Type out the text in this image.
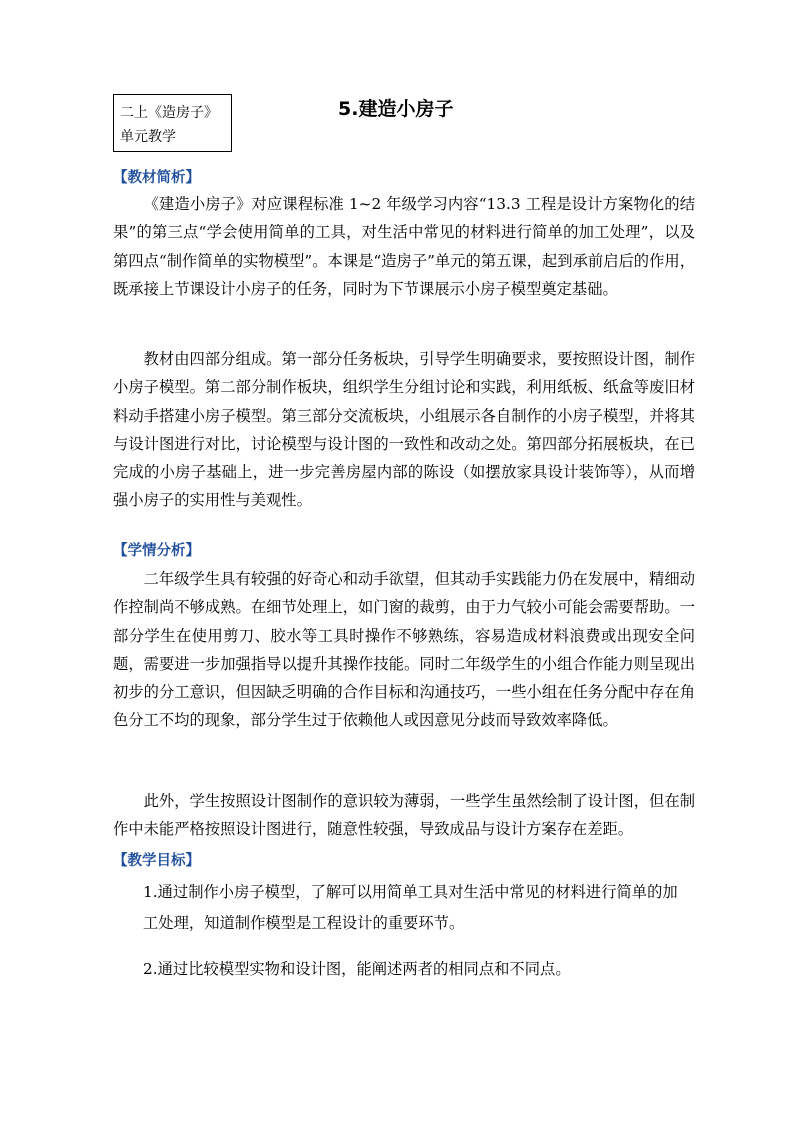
二上《造房子》单元教学
5.建造小房子
【教材简析】

《建造小房子》对应课程标准 1~2 年级学习内容“13.3 工程是设计方案物化的结果”的第三点“学会使用简单的工具，对生活中常见的材料进行简单的加工处理”，以及第四点“制作简单的实物模型”。本课是“造房子”单元的第五课，起到承前启后的作用，既承接上节课设计小房子的任务，同时为下节课展示小房子模型奠定基础。

教材由四部分组成。第一部分任务板块，引导学生明确要求，要按照设计图，制作小房子模型。第二部分制作板块，组织学生分组讨论和实践，利用纸板、纸盒等废旧材料动手搭建小房子模型。第三部分交流板块，小组展示各自制作的小房子模型，并将其与设计图进行对比，讨论模型与设计图的一致性和改动之处。第四部分拓展板块，在已完成的小房子基础上，进一步完善房屋内部的陈设（如摆放家具设计装饰等），从而增强小房子的实用性与美观性。

【学情分析】

二年级学生具有较强的好奇心和动手欲望，但其动手实践能力仍在发展中，精细动作控制尚不够成熟。在细节处理上，如门窗的裁剪，由于力气较小可能会需要帮助。一部分学生在使用剪刀、胶水等工具时操作不够熟练，容易造成材料浪费或出现安全问题，需要进一步加强指导以提升其操作技能。同时二年级学生的小组合作能力则呈现出初步的分工意识，但因缺乏明确的合作目标和沟通技巧，一些小组在任务分配中存在角色分工不均的现象，部分学生过于依赖他人或因意见分歧而导致效率降低。

此外，学生按照设计图制作的意识较为薄弱，一些学生虽然绘制了设计图，但在制作中未能严格按照设计图进行，随意性较强，导致成品与设计方案存在差距。

【教学目标】

1.通过制作小房子模型，了解可以用简单工具对生活中常见的材料进行简单的加工处理，知道制作模型是工程设计的重要环节。

2.通过比较模型实物和设计图，能阐述两者的相同点和不同点。
